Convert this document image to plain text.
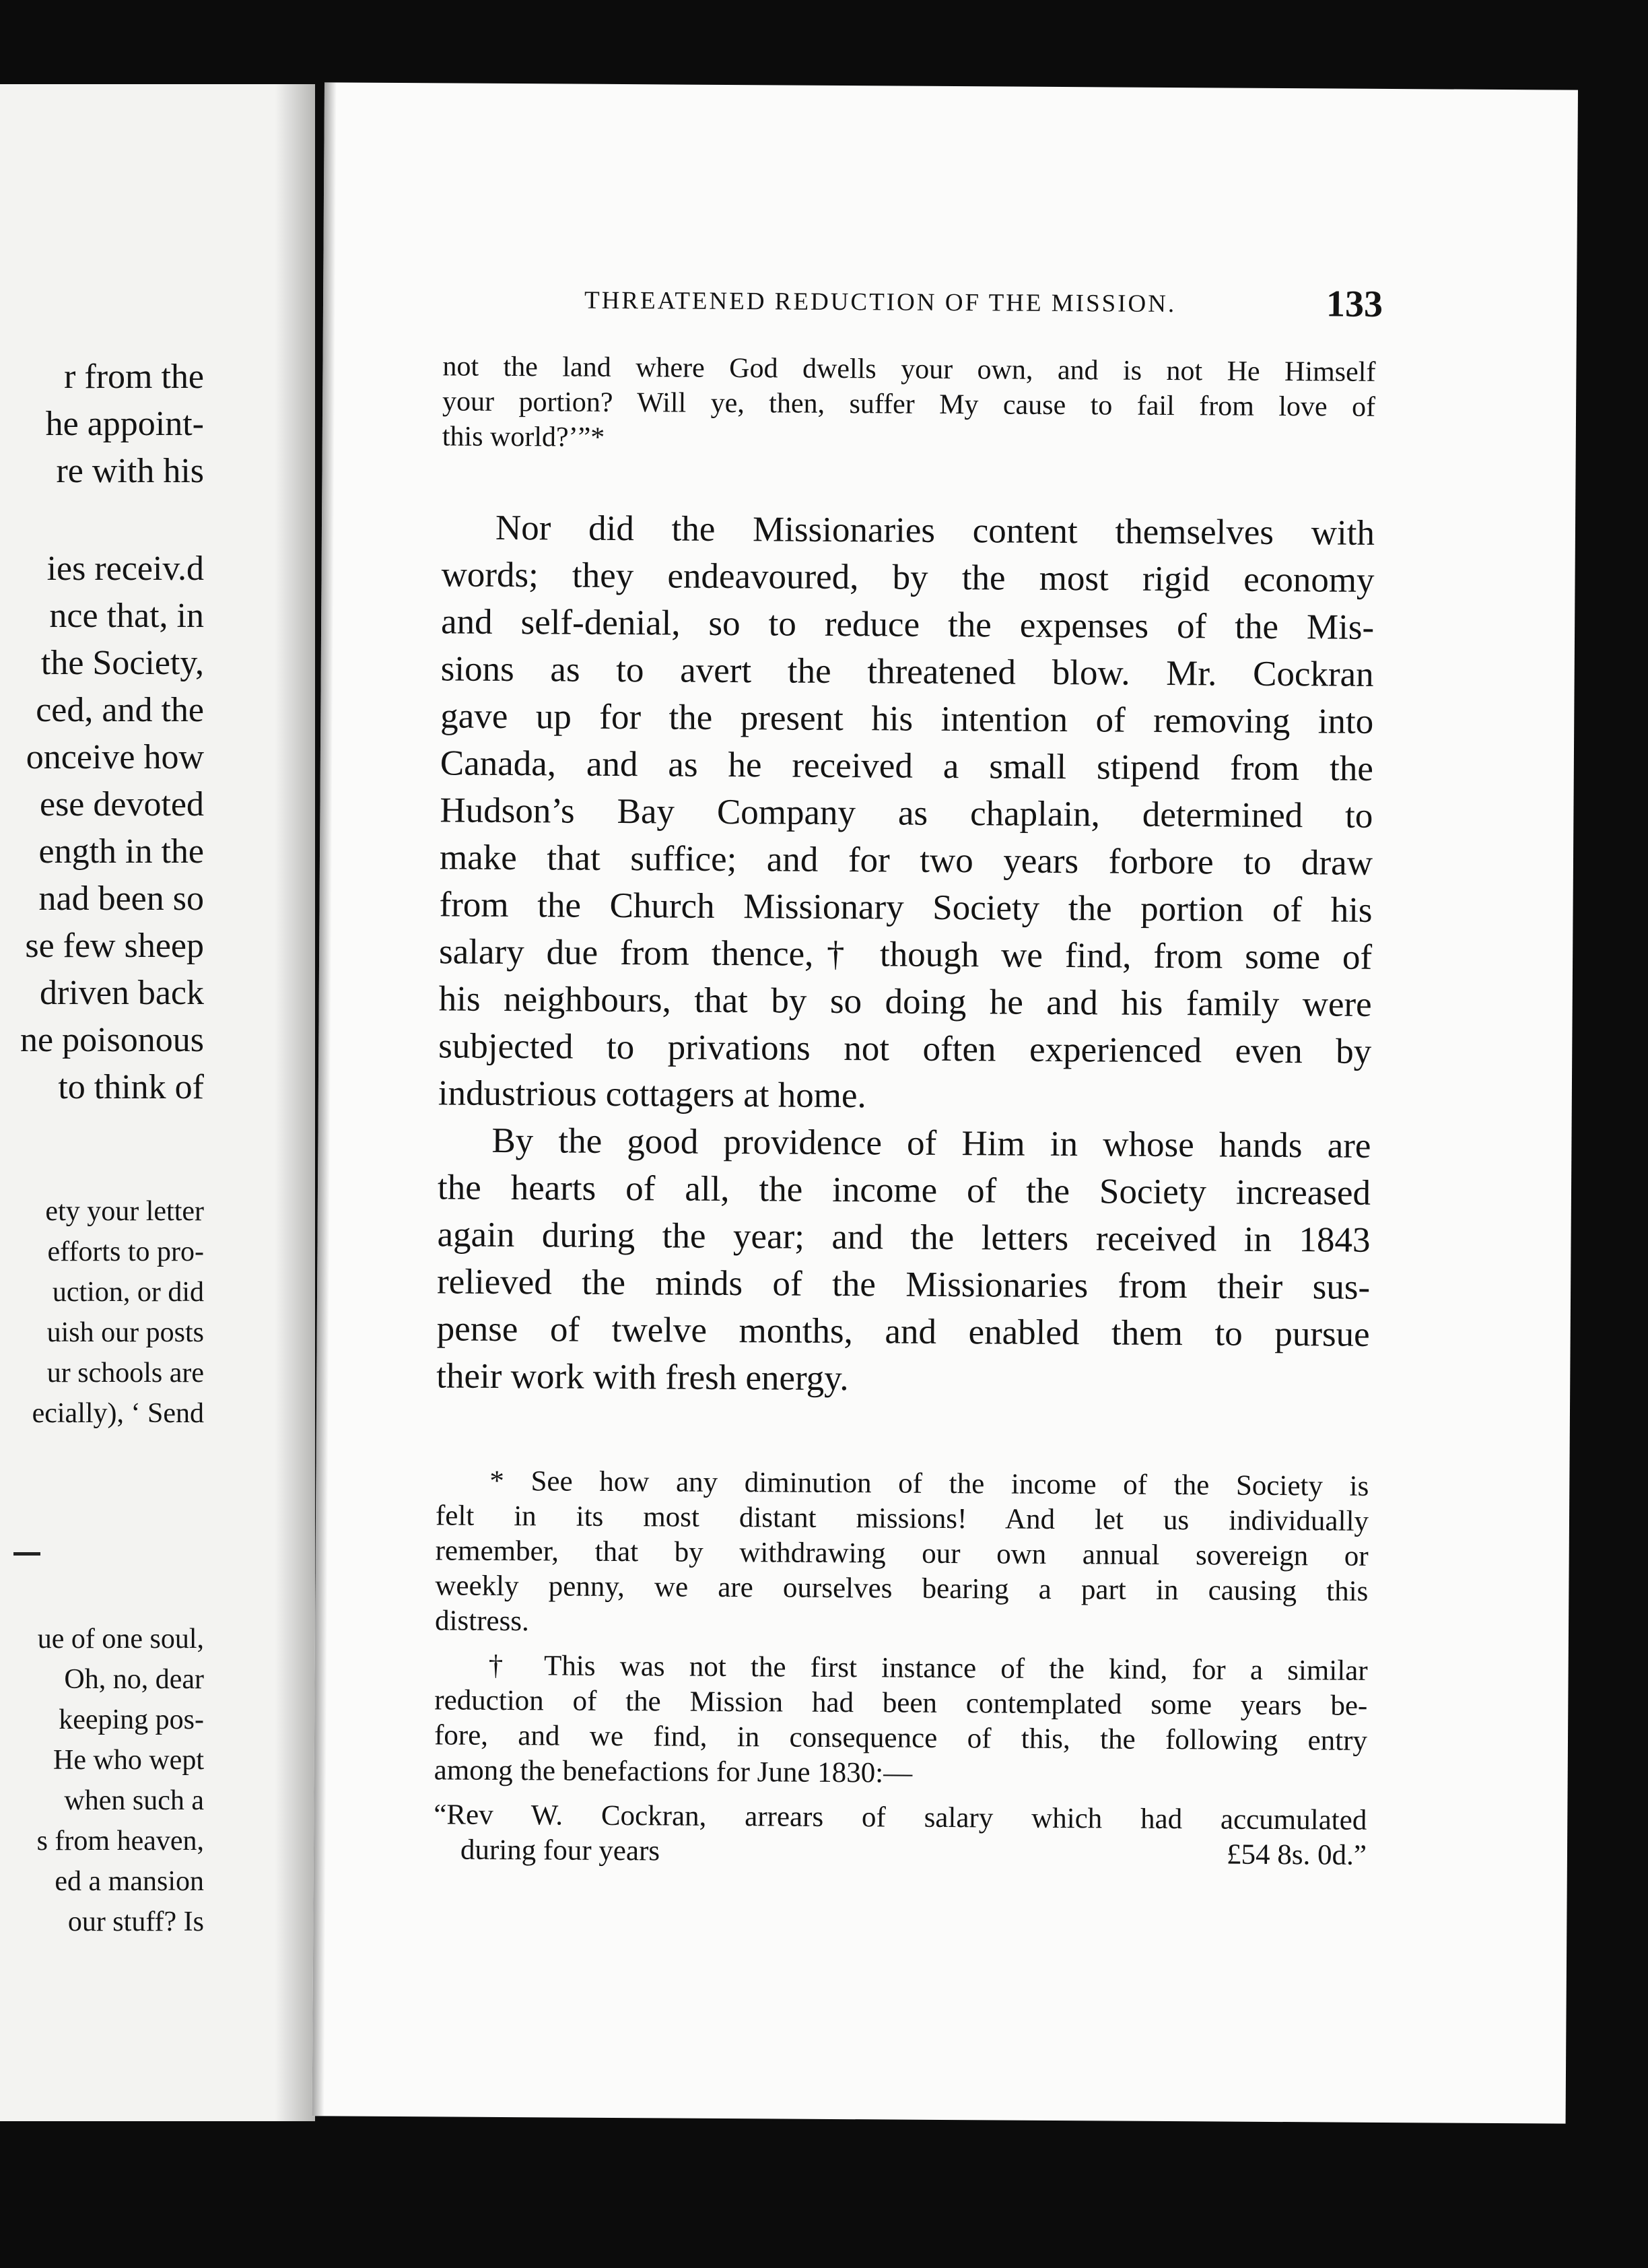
r from the
he appoint-
re with his
ies receiv.d
nce that, in
the Society,
ced, and the
onceive how
ese devoted
ength in the
nad been so
se few sheep
driven back
ne poisonous
to think of
ety your letter
efforts to pro-
uction, or did
uish our posts
ur schools are
ecially), ‘ Send
ue of one soul,
Oh, no, dear
keeping pos-
He who wept
when such a
s from heaven,
ed a mansion
our stuff? Is
THREATENED REDUCTION OF THE MISSION.	133
not the land where God dwells your own, and is not He Himself
your portion? Will ye, then, suffer My cause to fail from love of
this world?’”*
Nor did the Missionaries content themselves with
words; they endeavoured, by the most rigid economy
and self-denial, so to reduce the expenses of the Mis-
sions as to avert the threatened blow. Mr. Cockran
gave up for the present his intention of removing into
Canada, and as he received a small stipend from the
Hudson’s Bay Company as chaplain, determined to
make that suffice; and for two years forbore to draw
from the Church Missionary Society the portion of his
salary due from thence,† though we find, from some of
his neighbours, that by so doing he and his family were
subjected to privations not often experienced even by
industrious cottagers at home.
By the good providence of Him in whose hands are
the hearts of all, the income of the Society increased
again during the year; and the letters received in 1843
relieved the minds of the Missionaries from their sus-
pense of twelve months, and enabled them to pursue
their work with fresh energy.
* See how any diminution of the income of the Society is
felt in its most distant missions! And let us individually
remember, that by withdrawing our own annual sovereign or
weekly penny, we are ourselves bearing a part in causing this
distress.
† This was not the first instance of the kind, for a similar
reduction of the Mission had been contemplated some years be-
fore, and we find, in consequence of this, the following entry
among the benefactions for June 1830:—
“Rev W. Cockran, arrears of salary which had accumulated
during four years	£54 8s. 0d.”
